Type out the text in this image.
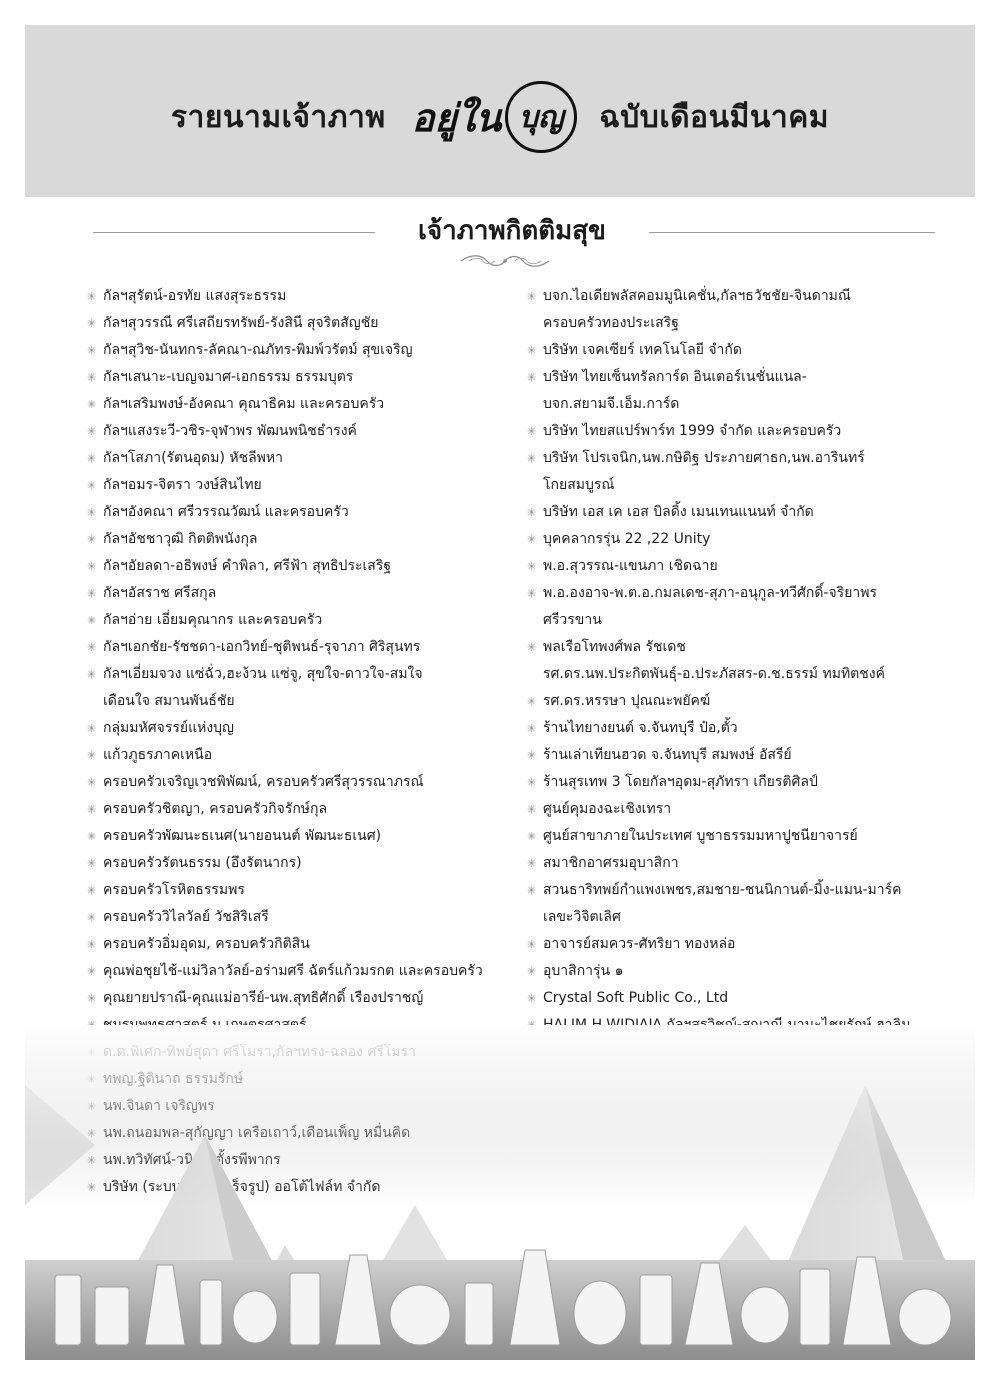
รายนามเจ้าภาพ อยู่ใน บุญ	ฉบับเดือนมีนาคม
เจ้าภาพกิตติมสุข
✳ กัลฯสุรัตน์-อรทัย แสงสุระธรรม
✳ กัลฯสุวรรณี ศรีเสถียรทรัพย์-รังสินี สุจริตสัญชัย
✳ กัลฯสุวิช-นันทกร-ลัคณา-ณภัทร-พิมพ์วรัตม์ สุขเจริญ
✳ กัลฯเสนาะ-เบญจมาศ-เอกธรรม ธรรมบุตร
✳ กัลฯเสริมพงษ์-อังคณา คุณาธิคม และครอบครัว
✳ กัลฯแสงระวี-วชิร-จุฬาพร พัฒนพนิชธำรงค์
✳ กัลฯโสภา(รัตนอุดม) หัชลีพหา
✳ กัลฯอมร-จิตรา วงษ์สินไทย
✳ กัลฯอังคณา ศรีวรรณวัฒน์ และครอบครัว
✳ กัลฯอัชชาวุฒิ กิตติพนังกุล
✳ กัลฯอัยลดา-อธิพงษ์ คำพิลา, ศรีฟ้า สุทธิประเสริฐ
✳ กัลฯอัสราช ศรีสกุล
✳ กัลฯอ่าย เอี่ยมคุณากร และครอบครัว
✳ กัลฯเอกชัย-รัชชดา-เอกวิทย์-ชุติพนธ์-รุจาภา ศิริสุนทร
✳ กัลฯเอี่ยมจวง แซ่ฉั่ว,ฮะง้วน แซ่จู, สุขใจ-ดาวใจ-สมใจ
เดือนใจ สมานพันธ์ชัย
✳ กลุ่มมหัศจรรย์แห่งบุญ
✳ แก้วภูธรภาคเหนือ
✳ ครอบครัวเจริญเวชพิพัฒน์, ครอบครัวศรีสุวรรณาภรณ์
✳ ครอบครัวชิตญา, ครอบครัวกิจรักษ์กุล
✳ ครอบครัวพัฒนะธเนศ(นายอนนต์ พัฒนะธเนศ)
✳ ครอบครัวรัตนธรรม (อึงรัตนากร)
✳ ครอบครัวโรหิตธรรมพร
✳ ครอบครัววิไลวัลย์ วัชสิริเสรี
✳ ครอบครัวอิ่มอุดม, ครอบครัวกิติสิน
✳ คุณพ่อชุยไช้-แม่วิลาวัลย์-อร่ามศรี ฉัตร์แก้วมรกต และครอบครัว
✳ คุณยายปราณี-คุณแม่อารีย์-นพ.สุทธิศักดิ์ เรืองปราชญ์
✳ บจก.ไอเดียพลัสคอมมูนิเคชั่น,กัลฯธวัชชัย-จินดามณี
ครอบครัวทองประเสริฐ
✳ บริษัท เจคเซียร์ เทคโนโลยี จำกัด
✳ บริษัท ไทยเซ็นทรัลการ์ด อินเตอร์เนชั่นแนล-
บจก.สยามจี.เอ็ม.การ์ด
✳ บริษัท ไทยสแปร์พาร์ท 1999 จำกัด และครอบครัว
✳ บริษัท โปรเจนิก,นพ.กษิดิฐ ประภายศาธก,นพ.อารินทร์
โกยสมบูรณ์
✳ บริษัท เอส เค เอส บิลดิ้ง เมนเทนแนนท์ จำกัด
✳ บุคคลากรรุ่น 22 ,22 Unity
✳ พ.อ.สุวรรณ-แขนภา เชิดฉาย
✳ พ.อ.องอาจ-พ.ต.อ.กมลเดช-สุภา-อนุกูล-ทวีศักดิ์-จริยาพร
ศรีวรขาน
✳ พลเรือโทพงศ์พล รัชเดช
รศ.ดร.นพ.ประกิตพันธุ์-อ.ประภัสสร-ด.ช.ธรรม์ ทมทิตชงค์
✳ รศ.ดร.หรรษา ปุณณะพยัคฆ์
✳ ร้านไทยางยนต์ จ.จันทบุรี ป๋อ,ตั้ว
✳ ร้านเล่าเทียนฮวด จ.จันทบุรี สมพงษ์ อัสรีย์
✳ ร้านสุรเทพ 3 โดยกัลฯอุดม-สุภัทรา เกียรติศิลป์
✳ ศูนย์คุมองฉะเชิงเทรา
✳ ศูนย์สาขาภายในประเทศ บูชาธรรมมหาปูชนียาจารย์
✳ สมาชิกอาศรมอุบาสิกา
✳ สวนธาริทพย์กำแพงเพชร,สมชาย-ชนนิกานต์-มิ้ง-แมน-มาร์ค
เลขะวิจิตเลิศ
✳ อาจารย์สมควร-ศัทริยา ทองหล่อ
✳ อุบาสิการุ่น ๑
✳ Crystal Soft Public Co., Ltd
